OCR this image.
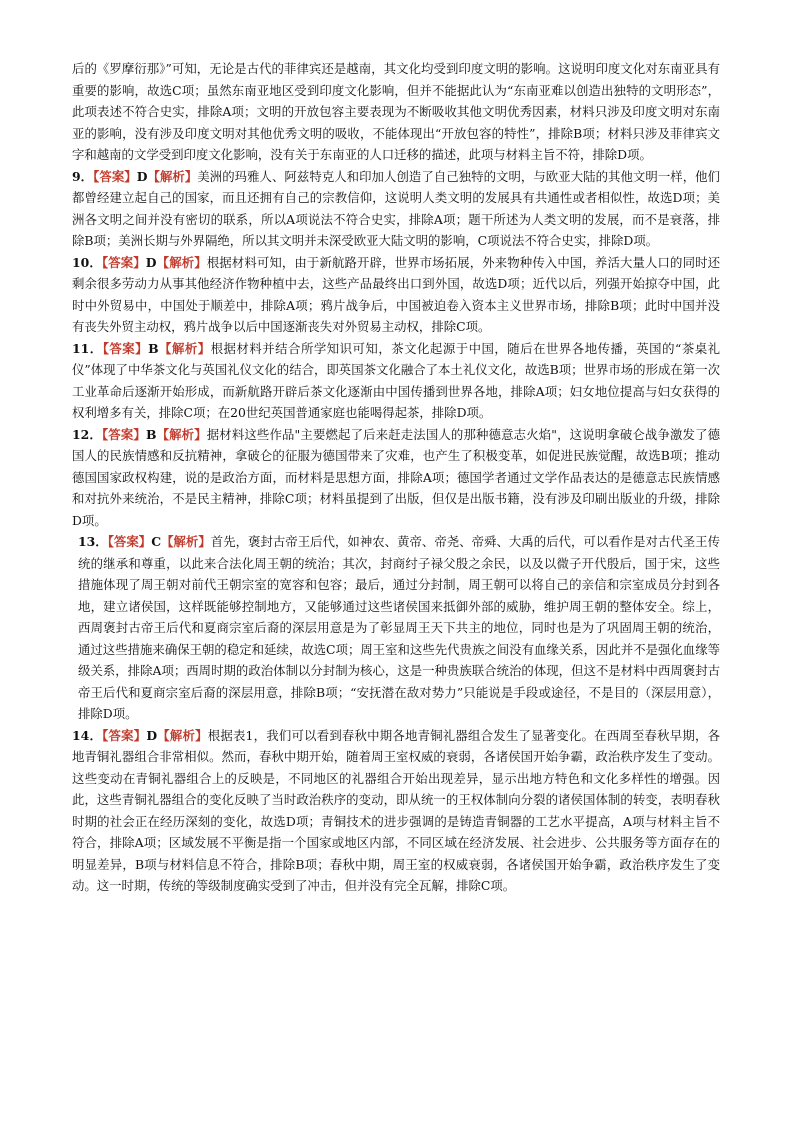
后的《罗摩衍那》”可知，无论是古代的菲律宾还是越南，其文化均受到印度文明的影响。这说明印度文化对东南亚具有重要的影响，故选C项；虽然东南亚地区受到印度文化影响，但并不能据此认为“东南亚难以创造出独特的文明形态”，此项表述不符合史实，排除A项；文明的开放包容主要表现为不断吸收其他文明优秀因素，材料只涉及印度文明对东南亚的影响，没有涉及印度文明对其他优秀文明的吸收，不能体现出“开放包容的特性”，排除B项；材料只涉及菲律宾文字和越南的文学受到印度文化影响，没有关于东南亚的人口迁移的描述，此项与材料主旨不符，排除D项。

9．【答案】D【解析】美洲的玛雅人、阿兹特克人和印加人创造了自己独特的文明，与欧亚大陆的其他文明一样，他们都曾经建立起自己的国家，而且还拥有自己的宗教信仰，这说明人类文明的发展具有共通性或者相似性，故选D项；美洲各文明之间并没有密切的联系，所以A项说法不符合史实，排除A项；题干所述为人类文明的发展，而不是衰落，排除B项；美洲长期与外界隔绝，所以其文明并未深受欧亚大陆文明的影响，C项说法不符合史实，排除D项。

10．【答案】D【解析】根据材料可知，由于新航路开辟，世界市场拓展，外来物种传入中国，养活大量人口的同时还剩余很多劳动力从事其他经济作物种植中去，这些产品最终出口到外国，故选D项；近代以后，列强开始掠夺中国，此时中外贸易中，中国处于顺差中，排除A项；鸦片战争后，中国被迫卷入资本主义世界市场，排除B项；此时中国并没有丧失外贸主动权，鸦片战争以后中国逐渐丧失对外贸易主动权，排除C项。

11．【答案】B【解析】根据材料并结合所学知识可知，茶文化起源于中国，随后在世界各地传播，英国的“茶桌礼仪”体现了中华茶文化与英国礼仪文化的结合，即英国茶文化融合了本土礼仪文化，故选B项；世界市场的形成在第一次工业革命后逐渐开始形成，而新航路开辟后茶文化逐渐由中国传播到世界各地，排除A项；妇女地位提高与妇女获得的权利增多有关，排除C项；在20世纪英国普通家庭也能喝得起茶，排除D项。

12．【答案】B【解析】据材料这些作品"主要燃起了后来赶走法国人的那种德意志火焰"，这说明拿破仑战争激发了德国人的民族情感和反抗精神，拿破仑的征服为德国带来了灾难，也产生了积极变革，如促进民族觉醒，故选B项；推动德国国家政权构建，说的是政治方面，而材料是思想方面，排除A项；德国学者通过文学作品表达的是德意志民族情感和对抗外来统治，不是民主精神，排除C项；材料虽提到了出版，但仅是出版书籍，没有涉及印刷出版业的升级，排除D项。

13．【答案】C【解析】首先，褒封古帝王后代，如神农、黄帝、帝尧、帝舜、大禹的后代，可以看作是对古代圣王传统的继承和尊重，以此来合法化周王朝的统治；其次，封商纣子禄父殷之余民，以及以微子开代殷后，国于宋，这些措施体现了周王朝对前代王朝宗室的宽容和包容；最后，通过分封制，周王朝可以将自己的亲信和宗室成员分封到各地，建立诸侯国，这样既能够控制地方，又能够通过这些诸侯国来抵御外部的威胁，维护周王朝的整体安全。综上，西周褒封古帝王后代和夏商宗室后裔的深层用意是为了彰显周王天下共主的地位，同时也是为了巩固周王朝的统治，通过这些措施来确保王朝的稳定和延续，故选C项；周王室和这些先代贵族之间没有血缘关系，因此并不是强化血缘等级关系，排除A项；西周时期的政治体制以分封制为核心，这是一种贵族联合统治的体现，但这不是材料中西周褒封古帝王后代和夏商宗室后裔的深层用意，排除B项；“安抚潜在敌对势力”只能说是手段或途径，不是目的（深层用意），排除D项。

14．【答案】D【解析】根据表1，我们可以看到春秋中期各地青铜礼器组合发生了显著变化。在西周至春秋早期，各地青铜礼器组合非常相似。然而，春秋中期开始，随着周王室权威的衰弱，各诸侯国开始争霸，政治秩序发生了变动。这些变动在青铜礼器组合上的反映是，不同地区的礼器组合开始出现差异，显示出地方特色和文化多样性的增强。因此，这些青铜礼器组合的变化反映了当时政治秩序的变动，即从统一的王权体制向分裂的诸侯国体制的转变，表明春秋时期的社会正在经历深刻的变化，故选D项；青铜技术的进步强调的是铸造青铜器的工艺水平提高，A项与材料主旨不符合，排除A项；区域发展不平衡是指一个国家或地区内部，不同区域在经济发展、社会进步、公共服务等方面存在的明显差异，B项与材料信息不符合，排除B项；春秋中期，周王室的权威衰弱，各诸侯国开始争霸，政治秩序发生了变动。这一时期，传统的等级制度确实受到了冲击，但并没有完全瓦解，排除C项。
